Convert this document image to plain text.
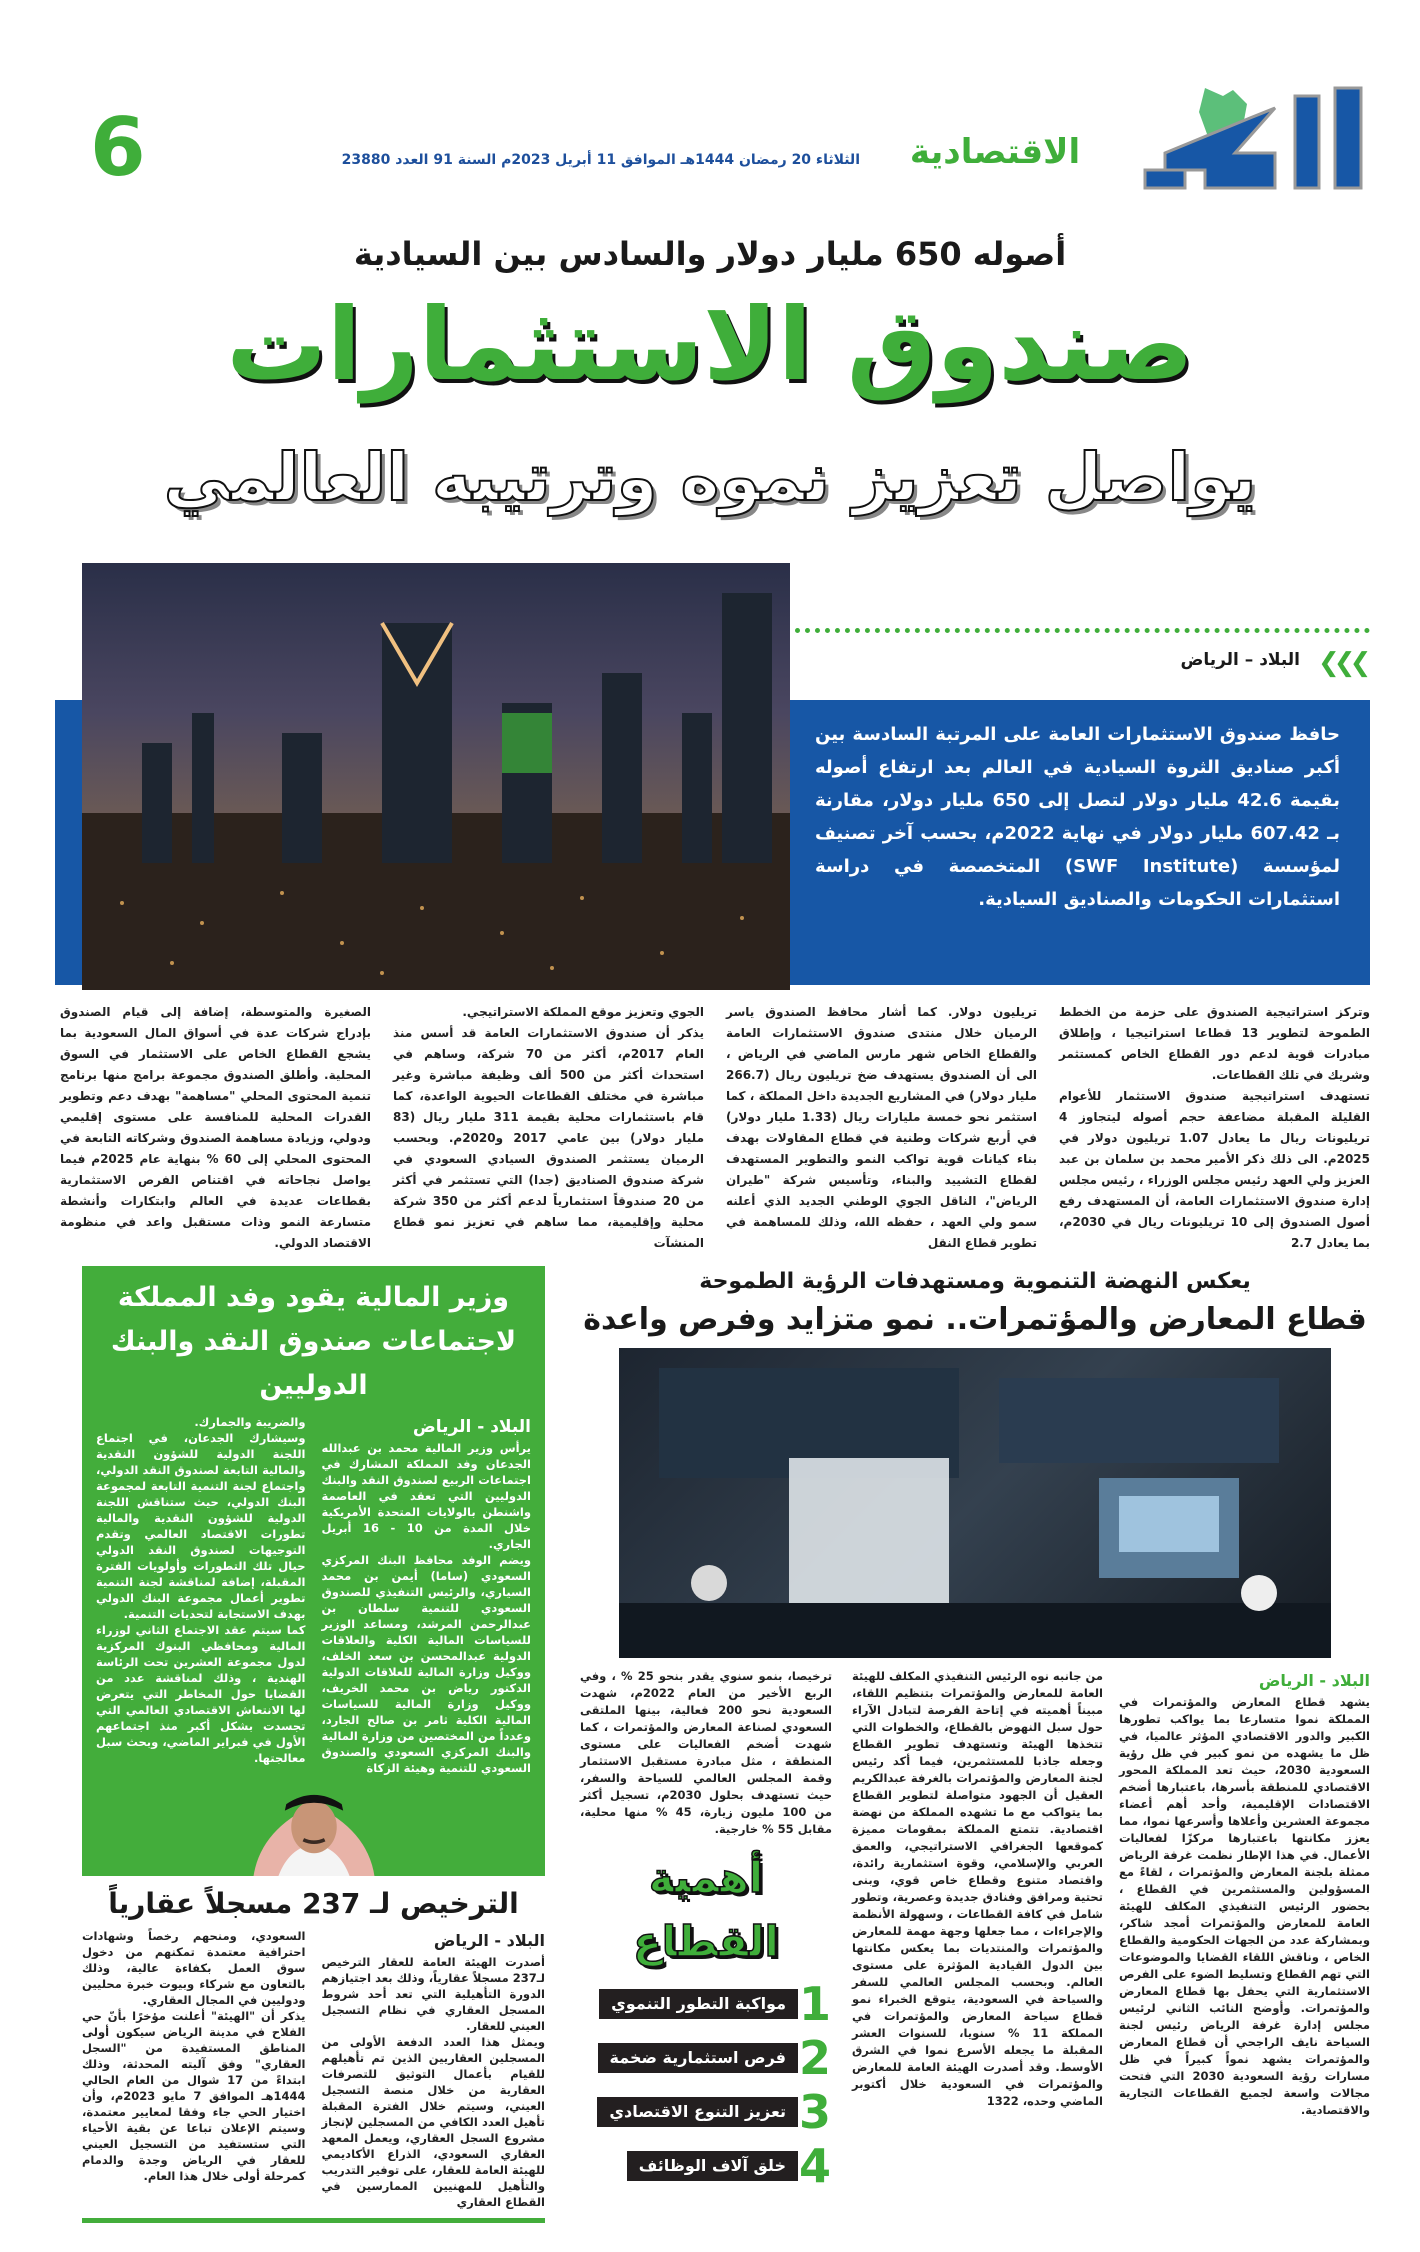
الاقتصادية
الثلاثاء 20 رمضان 1444هـ الموافق 11 أبريل 2023م السنة 91 العدد 23880
6
أصوله 650 مليار دولار والسادس بين السيادية
صندوق الاستثمارات
يواصل تعزيز نموه وترتيبه العالمي
❮❮❮
البلاد – الرياض
حافظ صندوق الاستثمارات العامة على المرتبة السادسة بين أكبر صناديق الثروة السيادية في العالم بعد ارتفاع أصوله بقيمة 42.6 مليار دولار لتصل إلى 650 مليار دولار، مقارنة بـ 607.42 مليار دولار في نهاية 2022م، بحسب آخر تصنيف لمؤسسة (SWF Institute) المتخصصة في دراسة استثمارات الحكومات والصناديق السيادية.

وتركز استراتيجية الصندوق على حزمة من الخطط الطموحة لتطوير 13 قطاعا استراتيجيا ، وإطلاق مبادرات قوية لدعم دور القطاع الخاص كمستثمر وشريك في تلك القطاعات.

تستهدف استراتيجية صندوق الاستثمار للأعوام القليلة المقبلة مضاعفة حجم أصوله ليتجاوز 4 تريليونات ريال ما يعادل 1.07 تريليون دولار في 2025م. الى ذلك ذكر الأمير محمد بن سلمان بن عبد العزيز ولي العهد رئيس مجلس الوزراء ، رئيس مجلس إدارة صندوق الاستثمارات العامة، أن المستهدف رفع أصول الصندوق إلى 10 تريليونات ريال في 2030م، بما يعادل 2.7

تريليون دولار. كما أشار محافظ الصندوق ياسر الرميان خلال منتدى صندوق الاستثمارات العامة والقطاع الخاص شهر مارس الماضي في الرياض ، الى أن الصندوق يستهدف ضخ تريليون ريال (266.7 مليار دولار) في المشاريع الجديدة داخل المملكة ، كما استثمر نحو خمسة مليارات ريال (1.33 مليار دولار) في أربع شركات وطنية في قطاع المقاولات بهدف بناء كيانات قوية تواكب النمو والتطوير المستهدف لقطاع التشييد والبناء، وتأسيس شركة "طيران الرياض"، الناقل الجوي الوطني الجديد الذي أعلنه سمو ولي العهد ، حفظه الله، وذلك للمساهمة في تطوير قطاع النقل

الجوي وتعزيز موقع المملكة الاستراتيجي.

يذكر أن صندوق الاستثمارات العامة قد أسس منذ العام 2017م، أكثر من 70 شركة، وساهم في استحداث أكثر من 500 ألف وظيفة مباشرة وغير مباشرة في مختلف القطاعات الحيوية الواعدة، كما قام باستثمارات محلية بقيمة 311 مليار ريال (83 مليار دولار) بين عامي 2017 و2020م. وبحسب الرميان يستثمر الصندوق السيادي السعودي في شركة صندوق الصناديق (جدا) التي تستثمر في أكثر من 20 صندوقاً استثمارياً لدعم أكثر من 350 شركة محلية وإقليمية، مما ساهم في تعزيز نمو قطاع المنشآت

الصغيرة والمتوسطة، إضافة إلى قيام الصندوق بإدراج شركات عدة في أسواق المال السعودية بما يشجع القطاع الخاص على الاستثمار في السوق المحلية. وأطلق الصندوق مجموعة برامج منها برنامج تنمية المحتوى المحلي "مساهمة" بهدف دعم وتطوير القدرات المحلية للمنافسة على مستوى إقليمي ودولي، وزيادة مساهمة الصندوق وشركاته التابعة في المحتوى المحلي إلى 60 % بنهاية عام 2025م فيما يواصل نجاحاته في اقتناص الفرص الاستثمارية بقطاعات عديدة في العالم وابتكارات وأنشطة متسارعة النمو وذات مستقبل واعد في منظومة الاقتصاد الدولي.

يعكس النهضة التنموية ومستهدفات الرؤية الطموحة
قطاع المعارض والمؤتمرات.. نمو متزايد وفرص واعدة

البلاد - الرياض

يشهد قطاع المعارض والمؤتمرات في المملكة نموا متسارعا بما يواكب تطورها الكبير والدور الاقتصادي المؤثر عالميا، في ظل ما يشهده من نمو كبير في ظل رؤية السعودية 2030، حيث تعد المملكة المحور الاقتصادي للمنطقة بأسرها، باعتبارها أضخم الاقتصادات الإقليمية، وأحد أهم أعضاء مجموعة العشرين وأعلاها وأسرعها نموا، مما يعزز مكانتها باعتبارها مركزًا لفعاليات الأعمال. في هذا الإطار نظمت غرفة الرياض ممثلة بلجنة المعارض والمؤتمرات ، لقاءً مع المسؤولين والمستثمرين في القطاع ، بحضور الرئيس التنفيذي المكلف للهيئة العامة للمعارض والمؤتمرات أمجد شاكر، وبمشاركة عدد من الجهات الحكومية والقطاع الخاص ، وناقش اللقاء القضايا والموضوعات التي تهم القطاع وتسليط الضوء على الفرص الاستثمارية التي يحفل بها قطاع المعارض والمؤتمرات. وأوضح النائب الثاني لرئيس مجلس إدارة غرفة الرياض رئيس لجنة السياحة نايف الراجحي أن قطاع المعارض والمؤتمرات يشهد نمواً كبيراً في ظل مسارات رؤية السعودية 2030 التي فتحت مجالات واسعة لجميع القطاعات التجارية والاقتصادية.

من جانبه نوه الرئيس التنفيذي المكلف للهيئة العامة للمعارض والمؤتمرات بتنظيم اللقاء، مبيناً أهميته في إتاحة الفرصة لتبادل الآراء حول سبل النهوض بالقطاع، والخطوات التي تتخذها الهيئة وتستهدف تطوير القطاع وجعله جاذبا للمستثمرين، فيما أكد رئيس لجنة المعارض والمؤتمرات بالغرفة عبدالكريم العقيل أن الجهود متواصلة لتطوير القطاع بما يتواكب مع ما تشهده المملكة من نهضة اقتصادية. تتمتع المملكة بمقومات مميزة كموقعها الجغرافي الاستراتيجي، والعمق العربي والإسلامي، وقوة استثمارية رائدة، واقتصاد متنوع وقطاع خاص قوي، وبنى تحتية ومرافق وفنادق جديدة وعصرية، وتطور شامل في كافة القطاعات ، وسهولة الأنظمة والإجراءات ، مما جعلها وجهة مهمة للمعارض والمؤتمرات والمنتديات بما يعكس مكانتها بين الدول القيادية المؤثرة على مستوى العالم. وبحسب المجلس العالمي للسفر والسياحة في السعودية، يتوقع الخبراء نمو قطاع سياحة المعارض والمؤتمرات في المملكة 11 % سنويا، للسنوات العشر المقبلة ما يجعله الأسرع نموا في الشرق الأوسط. وقد أصدرت الهيئة العامة للمعارض والمؤتمرات في السعودية خلال أكتوبر الماضي وحده، 1322

ترخيصا، بنمو سنوي يقدر بنحو 25 % ، وفي الربع الأخير من العام 2022م، شهدت السعودية نحو 200 فعالية، بينها الملتقى السعودي لصناعة المعارض والمؤتمرات ، كما شهدت أضخم الفعاليات على مستوى المنطقة ، مثل مبادرة مستقبل الاستثمار وقمة المجلس العالمي للسياحة والسفر، حيث تستهدف بحلول 2030م، تسجيل أكثر من 100 مليون زيارة، 45 % منها محلية، مقابل 55 % خارجية.

أهمية القطاع
1
مواكبة التطور التنموي
2
فرص استثمارية ضخمة
3
تعزيز التنوع الاقتصادي
4
خلق آلاف الوظائف
وزير المالية يقود وفد المملكة لاجتماعات صندوق النقد والبنك الدوليين

البلاد - الرياض

يرأس وزير المالية محمد بن عبدالله الجدعان وفد المملكة المشارك في اجتماعات الربيع لصندوق النقد والبنك الدوليين التي تعقد في العاصمة واشنطن بالولايات المتحدة الأمريكية خلال المدة من 10 - 16 أبريل الجاري.

ويضم الوفد محافظ البنك المركزي السعودي (ساما) أيمن بن محمد السياري، والرئيس التنفيذي للصندوق السعودي للتنمية سلطان بن عبدالرحمن المرشد، ومساعد الوزير للسياسات المالية الكلية والعلاقات الدولية عبدالمحسن بن سعد الخلف، ووكيل وزارة المالية للعلاقات الدولية الدكتور رياض بن محمد الخريف، ووكيل وزارة المالية للسياسات المالية الكلية ثامر بن صالح الجارد، وعدداً من المختصين من وزارة المالية والبنك المركزي السعودي والصندوق السعودي للتنمية وهيئة الزكاة

والضريبة والجمارك.

وسيشارك الجدعان، في اجتماع اللجنة الدولية للشؤون النقدية والمالية التابعة لصندوق النقد الدولي، واجتماع لجنة التنمية التابعة لمجموعة البنك الدولي، حيث ستناقش اللجنة الدولية للشؤون النقدية والمالية تطورات الاقتصاد العالمي وتقدم التوجيهات لصندوق النقد الدولي حيال تلك التطورات وأولويات الفترة المقبلة، إضافة لمناقشة لجنة التنمية تطوير أعمال مجموعة البنك الدولي بهدف الاستجابة لتحديات التنمية.

كما سيتم عقد الاجتماع الثاني لوزراء المالية ومحافظي البنوك المركزية لدول مجموعة العشرين تحت الرئاسة الهندية ، وذلك لمناقشة عدد من القضايا حول المخاطر التي يتعرض لها الانتعاش الاقتصادي العالمي التي تجسدت بشكل أكبر منذ اجتماعهم الأول في فبراير الماضي، وبحث سبل معالجتها.

الترخيص لـ 237 مسجلاً عقارياً

البلاد - الرياض

أصدرت الهيئة العامة للعقار الترخيص لـ237 مسجلاً عقارياً، وذلك بعد اجتيازهم الدورة التأهيلية التي تعد أحد شروط المسجل العقاري في نظام التسجيل العيني للعقار.

ويمثل هذا العدد الدفعة الأولى من المسجلين العقاريين الذين تم تأهيلهم للقيام بأعمال التوثيق للتصرفات العقارية من خلال منصة التسجيل العيني، وسيتم خلال الفترة المقبلة تأهيل العدد الكافي من المسجلين لإنجاز مشروع السجل العقاري، ويعمل المعهد العقاري السعودي، الذراع الأكاديمي للهيئة العامة للعقار، على توفير التدريب والتأهيل للمهنيين الممارسين في القطاع العقاري

السعودي، ومنحهم رخصاً وشهادات احترافية معتمدة تمكنهم من دخول سوق العمل بكفاءة عالية، وذلك بالتعاون مع شركاء وبيوت خبرة محليين ودوليين في المجال العقاري.

يذكر أن "الهيئة" أعلنت مؤخرًا بأنّ حي الفلاح في مدينة الرياض سيكون أولى المناطق المستفيدة من "السجل العقاري" وفق آليته المحدثة، وذلك ابتداءً من 17 شوال من العام الحالي 1444هـ الموافق 7 مايو 2023م، وأن اختيار الحي جاء وفقا لمعايير معتمدة، وسيتم الإعلان تباعا عن بقية الأحياء التي ستستفيد من التسجيل العيني للعقار في الرياض وجدة والدمام كمرحلة أولى خلال هذا العام.
